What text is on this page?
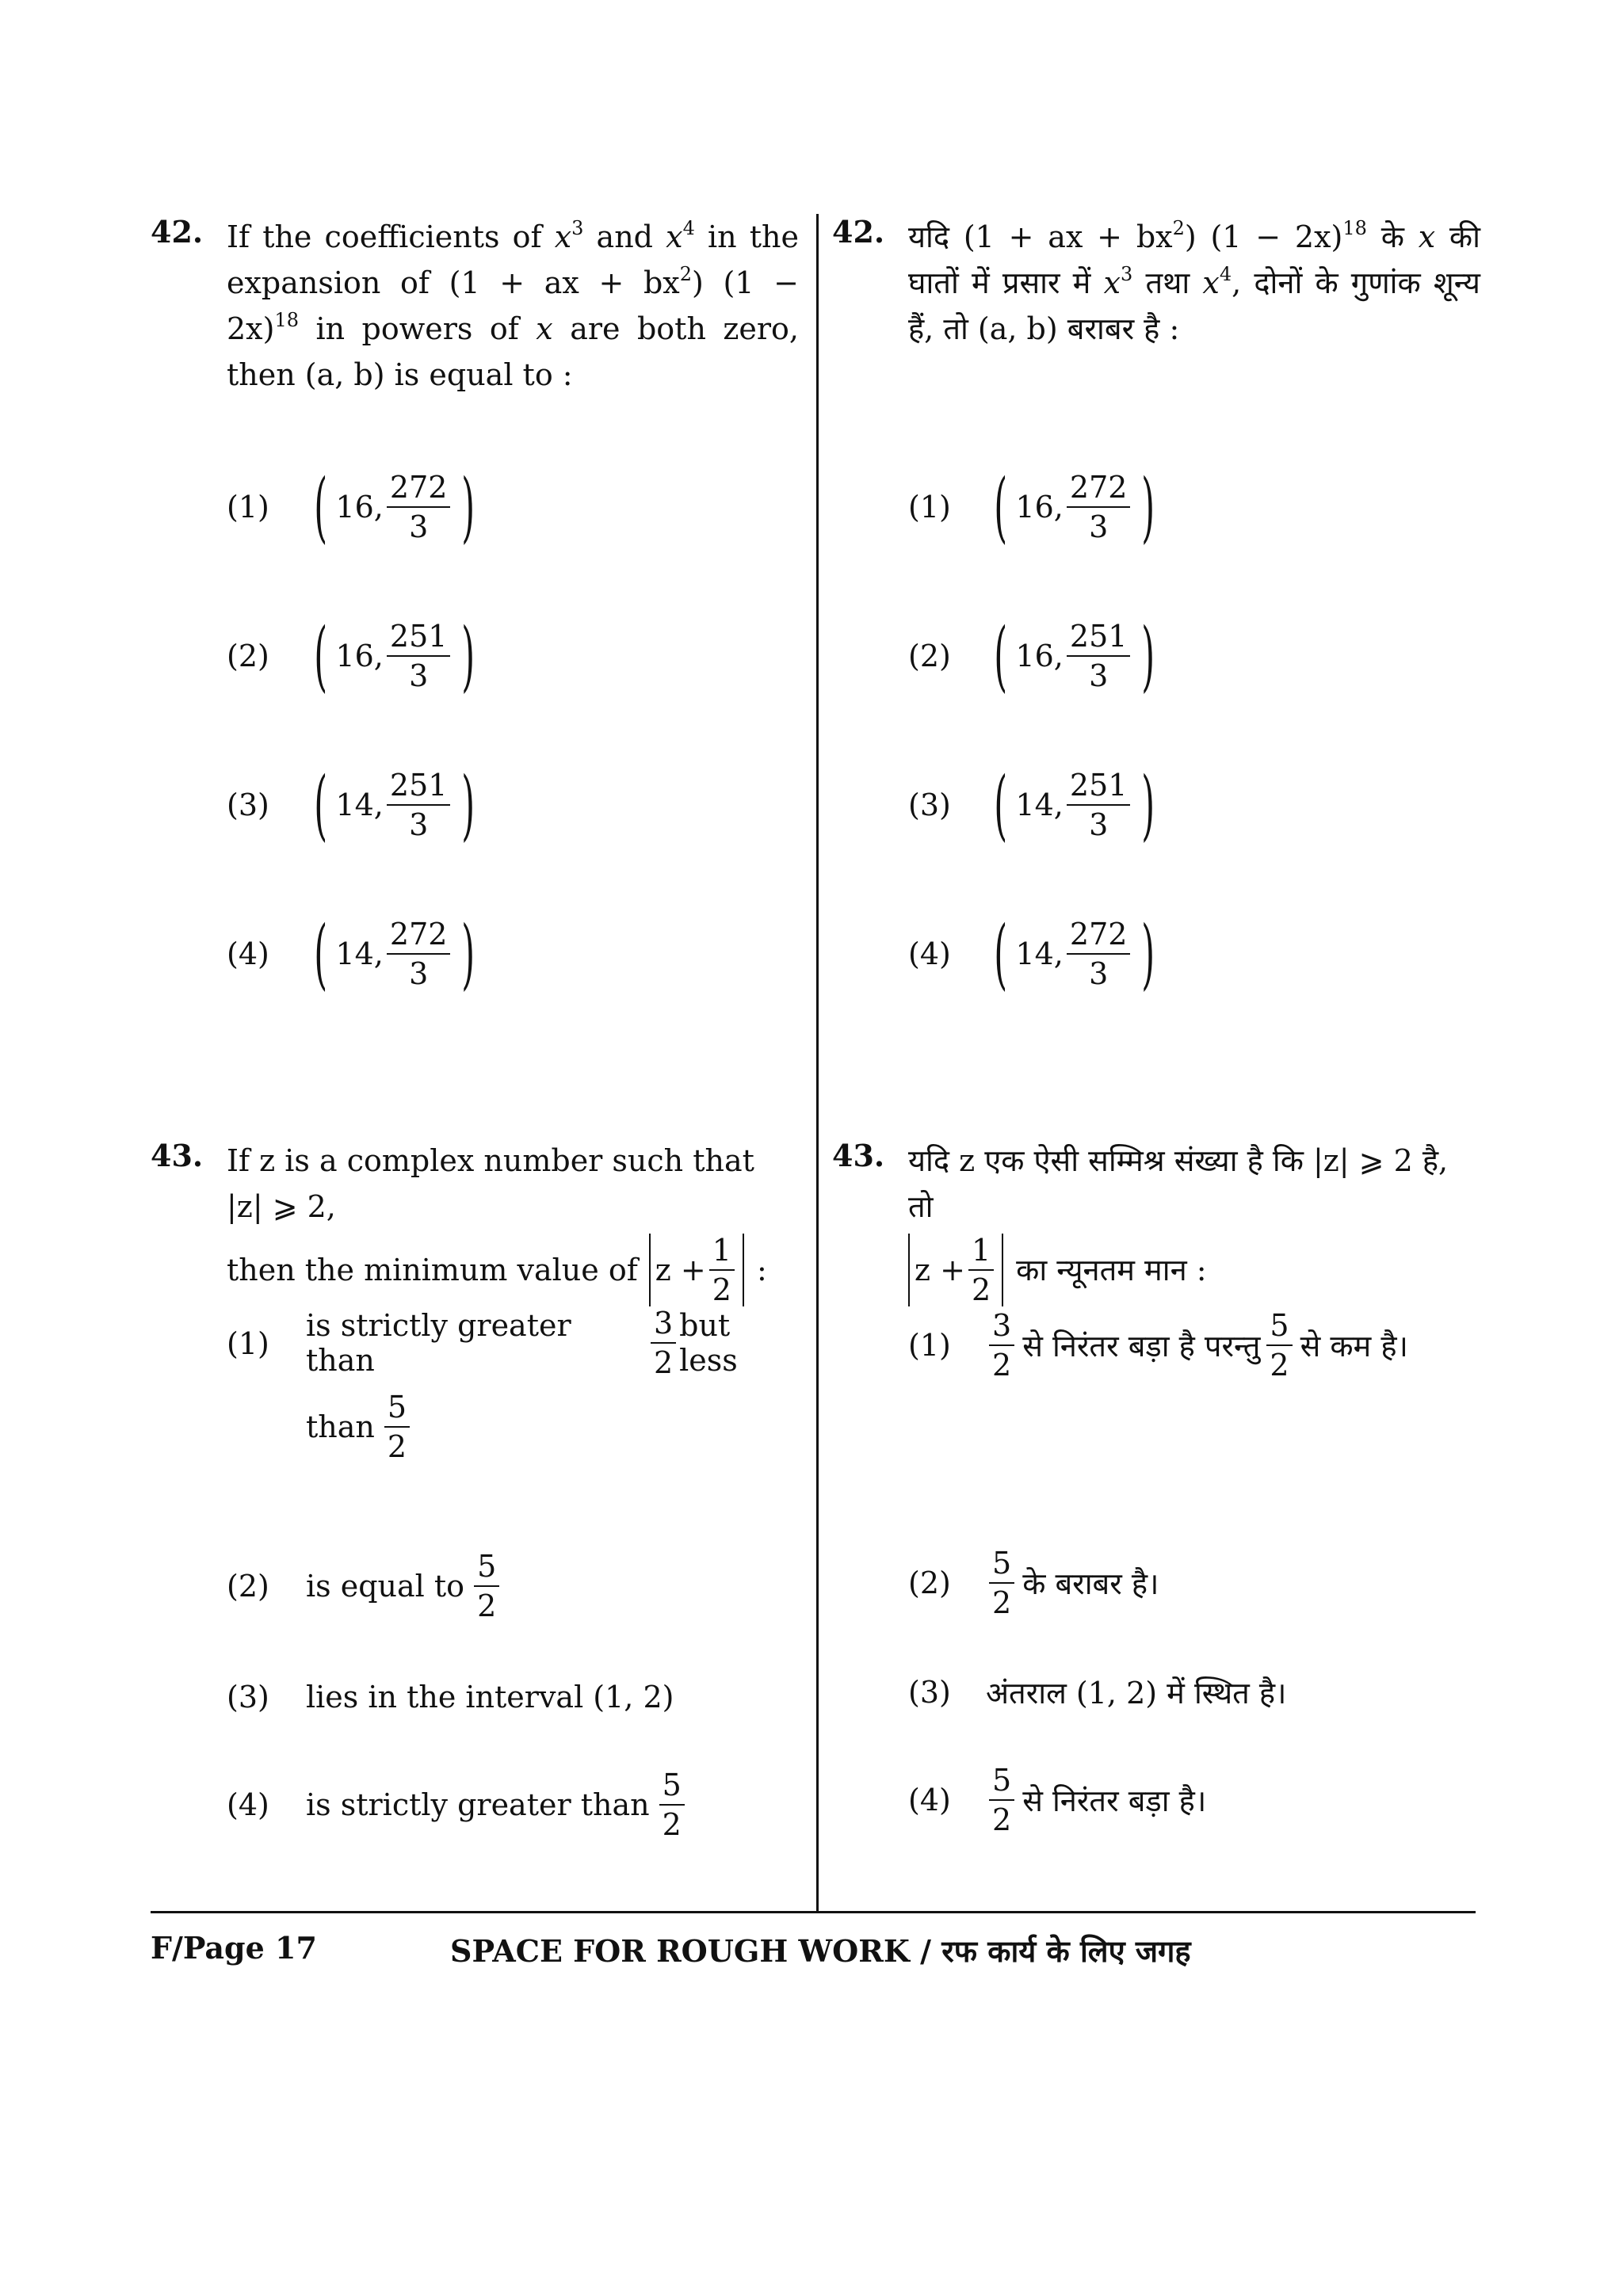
42. If the coefficients of $x^3$ and $x^4$ in the expansion of (1 + ax + $bx^2$) $(1 - 2x)^{18}$ in powers of x are both zero, then (a, b) is equal to :
(1) ( 16, $\frac{272}{3}$ )
(2) ( 16, $\frac{251}{3}$ )
(3) ( 14, $\frac{251}{3}$ )
(4) ( 14, $\frac{272}{3}$ )
43. If z is a complex number such that |z| ⩾ 2,
then the minimum value of $z + \frac{1}{2}$ :
(1)
is strictly greater than	$\frac{3}{2}$ but less
than $\frac{5}{2}$
(2)	is equal to $\frac{5}{2}$
(3)	lies in the interval (1, 2)
(4)	is strictly greater than $\frac{5}{2}$
42. यदि (1 + ax + $bx^2$) $(1 - 2x)^{18}$ के x की घातों में प्रसार में $x^3$ तथा $x^4$, दोनों के गुणांक शून्य हैं, तो (a, b) बराबर है :
(1) ( 16, $\frac{272}{3}$ )
(2) ( 16, $\frac{251}{3}$ )
(3) ( 14, $\frac{251}{3}$ )
(4) ( 14, $\frac{272}{3}$ )
43. यदि z एक ऐसी सम्मिश्र संख्या है कि |z| ⩾ 2 है, तो
$z + \frac{1}{2}$ का न्यूनतम मान :
(1)	$\frac{3}{2}$ से निरंतर बड़ा है परन्तु $\frac{5}{2}$ से कम है।
(2)	$\frac{5}{2}$ के बराबर है।
(3)	अंतराल (1, 2) में स्थित है।
(4)	$\frac{5}{2}$ से निरंतर बड़ा है।
F/Page 17	SPACE FOR ROUGH WORK / रफ कार्य के लिए जगह
